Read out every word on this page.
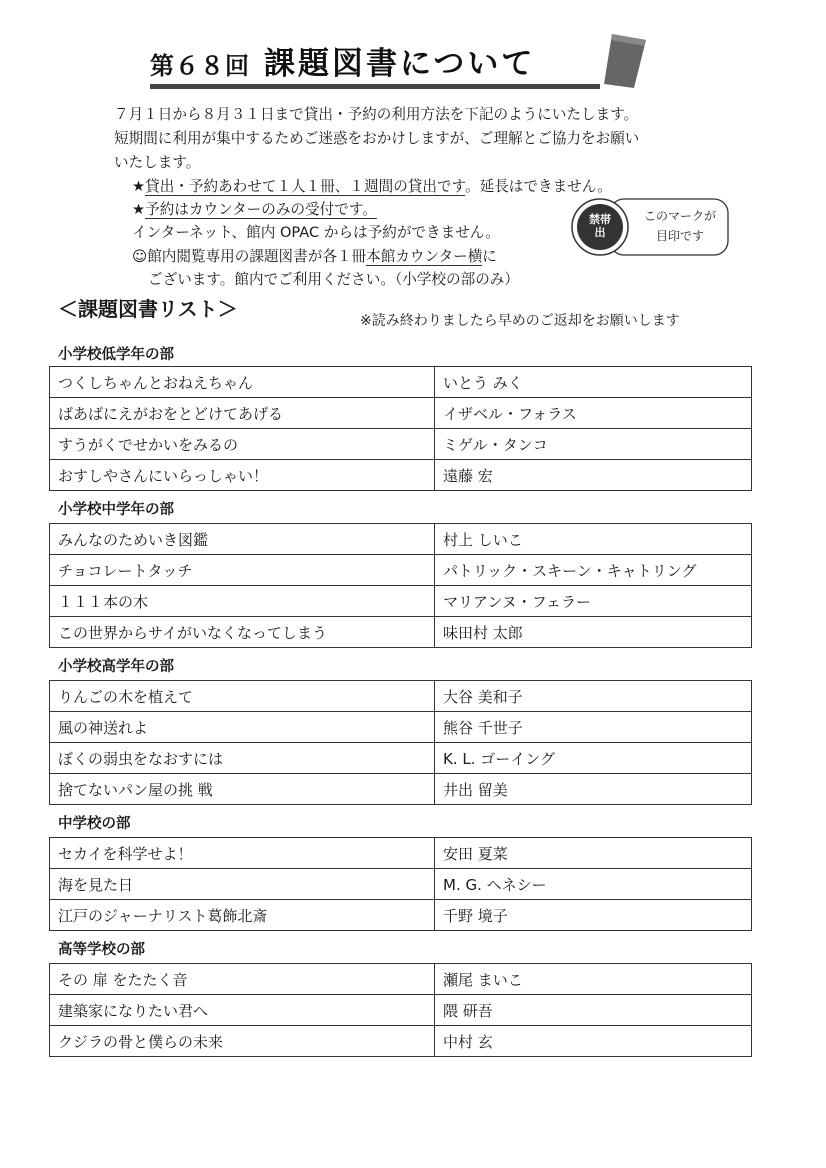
第６８回 課題図書について

７月１日から８月３１日まで貸出・予約の利用方法を下記のようにいたします。

短期間に利用が集中するためご迷惑をおかけしますが、ご理解とご協力をお願い

いたします。

★貸出・予約あわせて１人１冊、１週間の貸出です。延長はできません。
★予約はカウンターのみの受付です。
インターネット、館内 OPAC からは予約ができません。
☺館内閲覧専用の課題図書が各１冊本館カウンター横に
ございます。館内でご利用ください。（小学校の部のみ）
禁帯出
このマークが
目印です
＜課題図書リスト＞	※読み終わりましたら早めのご返却をお願いします
小学校低学年の部
つくしちゃんとおねえちゃん	いとう みく
ばあばにえがおをとどけてあげる	イザベル・フォラス
すうがくでせかいをみるの	ミゲル・タンコ
おすしやさんにいらっしゃい！	遠藤 宏
小学校中学年の部
みんなのためいき図鑑	村上 しいこ
チョコレートタッチ	パトリック・スキーン・キャトリング
１１１本の木	マリアンヌ・フェラー
この世界からサイがいなくなってしまう	味田村 太郎
小学校高学年の部
りんごの木を植えて	大谷 美和子
風の神送れよ	熊谷 千世子
ぼくの弱虫をなおすには	K. L. ゴーイング
捨てないパン屋の挑 戦	井出 留美
中学校の部
セカイを科学せよ！	安田 夏菜
海を見た日	M. G. ヘネシー
江戸のジャーナリスト葛飾北斎	千野 境子
高等学校の部
その 扉 をたたく音	瀬尾 まいこ
建築家になりたい君へ	隈 研吾
クジラの骨と僕らの未来	中村 玄
